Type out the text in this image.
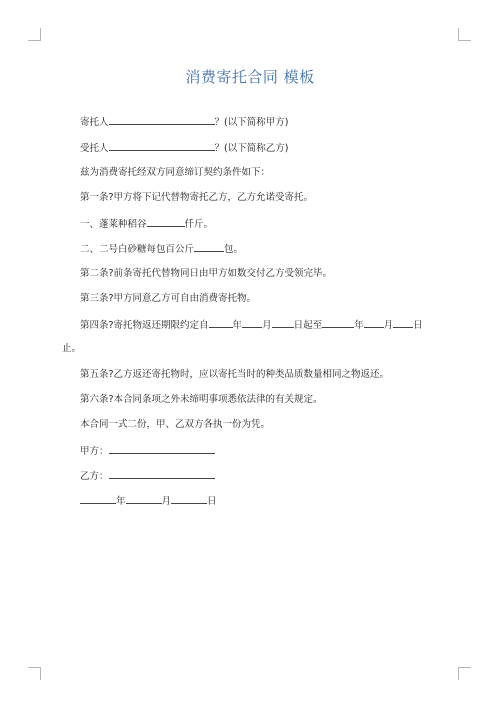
消费寄托合同 模板
寄托人	？(以下简称甲方)
受托人	？(以下简称乙方)
兹为消费寄托经双方同意缔订契约条件如下：
第一条?甲方将下记代替物寄托乙方，乙方允诺受寄托。
一、蓬莱种稻谷	仟斤。
二、二号白砂糖每包百公斤	包。
第二条?前条寄托代替物同日由甲方如数交付乙方受领完毕。
第三条?甲方同意乙方可自由消费寄托物。
第四条?寄托物返还期限约定自	年 月 日起至	年 月 日
止。
第五条?乙方返还寄托物时，应以寄托当时的种类品质数量相同之物返还。
第六条?本合同条项之外未缔明事项悉依法律的有关规定。
本合同一式二份，甲、乙双方各执一份为凭。
甲方：
乙方：
年	月	日
